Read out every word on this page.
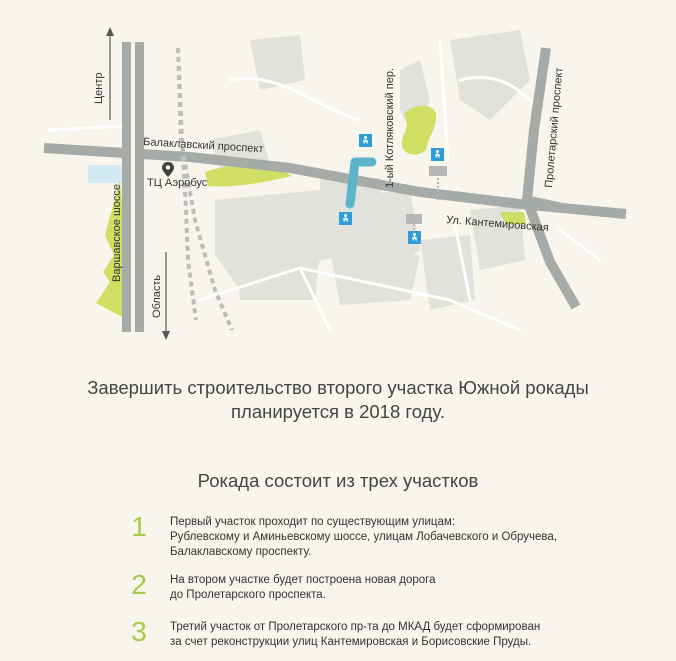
Центр
Область
Варшавское шоссе
Балаклавский проспект
ТЦ Аэробус	1-ый Котляковский пер.
Ул. Кантемировская
Пролетарский проспект
Завершить строительство второго участка Южной рокады
планируется в 2018 году.
Рокада состоит из трех участков
1	Первый участок проходит по существующим улицам:
Рублевскому и Аминьевскому шоссе, улицам Лобачевского и Обручева,
Балаклавскому проспекту.
2	На втором участке будет построена новая дорога
до Пролетарского проспекта.
3	Третий участок от Пролетарского пр-та до МКАД будет сформирован
за счет реконструкции улиц Кантемировская и Борисовские Пруды.
